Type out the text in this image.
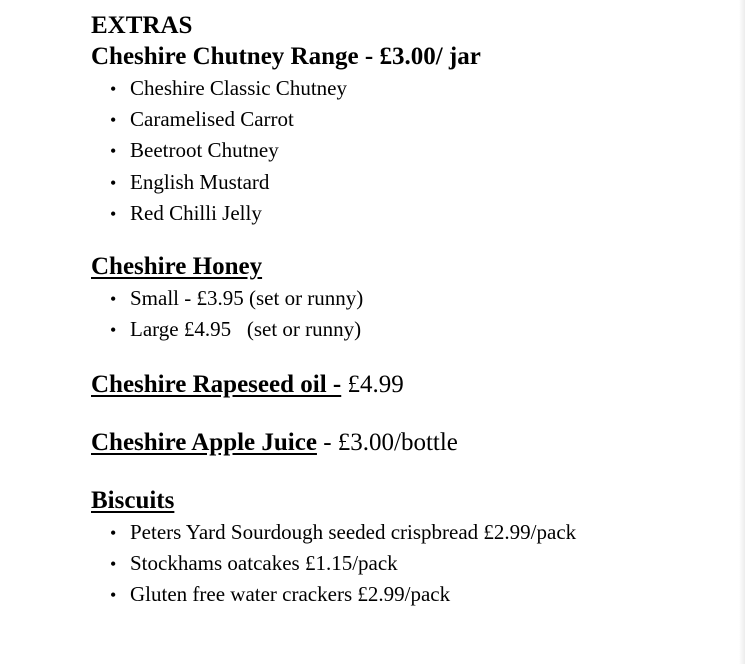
EXTRAS
Cheshire Chutney Range - £3.00/ jar
• Cheshire Classic Chutney
• Caramelised Carrot
• Beetroot Chutney
• English Mustard
• Red Chilli Jelly
Cheshire Honey
• Small - £3.95 (set or runny)
• Large £4.95   (set or runny)
Cheshire Rapeseed oil - £4.99
Cheshire Apple Juice - £3.00/bottle
Biscuits
• Peters Yard Sourdough seeded crispbread £2.99/pack
• Stockhams oatcakes £1.15/pack
• Gluten free water crackers £2.99/pack
